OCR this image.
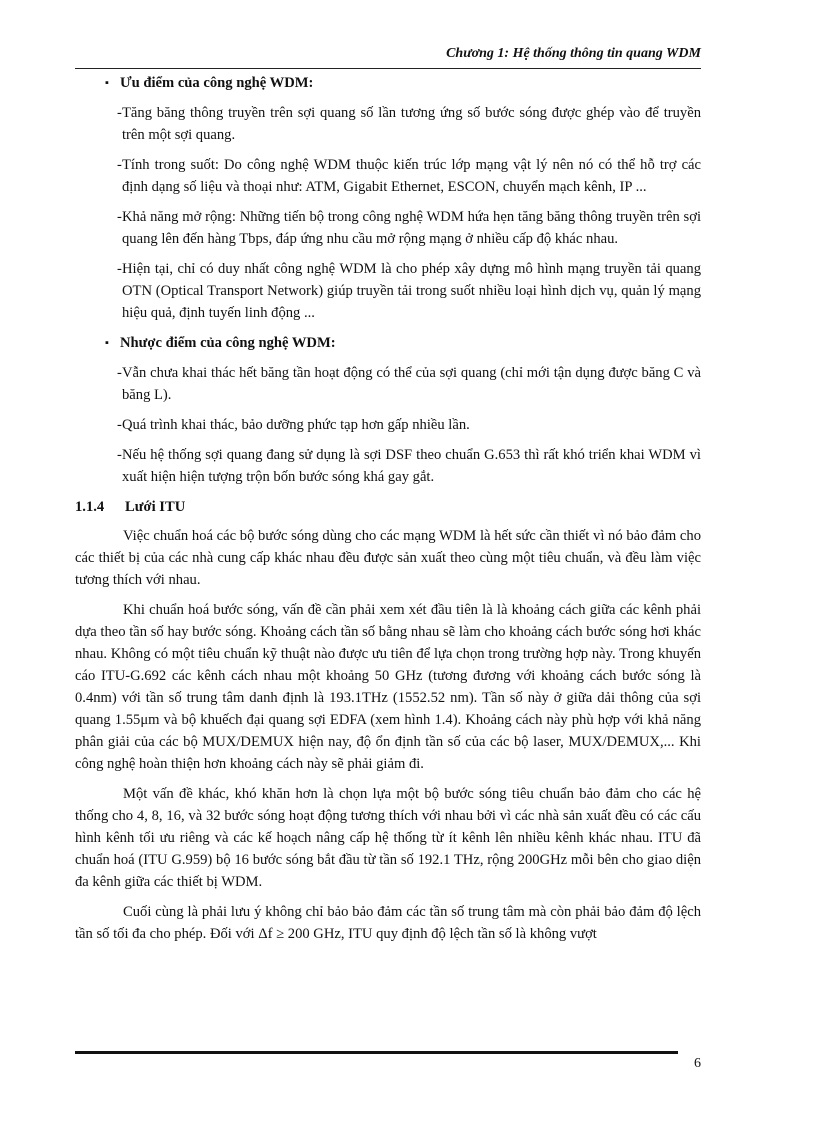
Chương 1: Hệ thống thông tin quang WDM
▪ Ưu điểm của công nghệ WDM:
- Tăng băng thông truyền trên sợi quang số lần tương ứng số bước sóng được ghép vào để truyền trên một sợi quang.
- Tính trong suốt: Do công nghệ WDM thuộc kiến trúc lớp mạng vật lý nên nó có thể hỗ trợ các định dạng số liệu và thoại như: ATM, Gigabit Ethernet, ESCON, chuyển mạch kênh, IP ...
- Khả năng mở rộng: Những tiến bộ trong công nghệ WDM hứa hẹn tăng băng thông truyền trên sợi quang lên đến hàng Tbps, đáp ứng nhu cầu mở rộng mạng ở nhiều cấp độ khác nhau.
- Hiện tại, chỉ có duy nhất công nghệ WDM là cho phép xây dựng mô hình mạng truyền tải quang OTN (Optical Transport Network) giúp truyền tải trong suốt nhiều loại hình dịch vụ, quản lý mạng hiệu quả, định tuyến linh động ...
▪ Nhược điểm của công nghệ WDM:
- Vẫn chưa khai thác hết băng tần hoạt động có thể của sợi quang (chỉ mới tận dụng được băng C và băng L).
- Quá trình khai thác, bảo dưỡng phức tạp hơn gấp nhiều lần.
- Nếu hệ thống sợi quang đang sử dụng là sợi DSF theo chuẩn G.653 thì rất khó triển khai WDM vì xuất hiện hiện tượng trộn bốn bước sóng khá gay gắt.
1.1.4 Lưới ITU

Việc chuẩn hoá các bộ bước sóng dùng cho các mạng WDM là hết sức cần thiết vì nó bảo đảm cho các thiết bị của các nhà cung cấp khác nhau đều được sản xuất theo cùng một tiêu chuẩn, và đều làm việc tương thích với nhau.

Khi chuẩn hoá bước sóng, vấn đề cần phải xem xét đầu tiên là là khoảng cách giữa các kênh phải dựa theo tần số hay bước sóng. Khoảng cách tần số bằng nhau sẽ làm cho khoảng cách bước sóng hơi khác nhau. Không có một tiêu chuẩn kỹ thuật nào được ưu tiên để lựa chọn trong trường hợp này. Trong khuyến cáo ITU-G.692 các kênh cách nhau một khoảng 50 GHz (tương đương với khoảng cách bước sóng là 0.4nm) với tần số trung tâm danh định là 193.1THz (1552.52 nm). Tần số này ở giữa dải thông của sợi quang 1.55μm và bộ khuếch đại quang sợi EDFA (xem hình 1.4). Khoảng cách này phù hợp với khả năng phân giải của các bộ MUX/DEMUX hiện nay, độ ổn định tần số của các bộ laser, MUX/DEMUX,... Khi công nghệ hoàn thiện hơn khoảng cách này sẽ phải giảm đi.

Một vấn đề khác, khó khăn hơn là chọn lựa một bộ bước sóng tiêu chuẩn bảo đảm cho các hệ thống cho 4, 8, 16, và 32 bước sóng hoạt động tương thích với nhau bởi vì các nhà sản xuất đều có các cấu hình kênh tối ưu riêng và các kế hoạch nâng cấp hệ thống từ ít kênh lên nhiều kênh khác nhau. ITU đã chuẩn hoá (ITU G.959) bộ 16 bước sóng bắt đầu từ tần số 192.1 THz, rộng 200GHz mỗi bên cho giao diện đa kênh giữa các thiết bị WDM.

Cuối cùng là phải lưu ý không chỉ bảo bảo đảm các tần số trung tâm mà còn phải bảo đảm độ lệch tần số tối đa cho phép. Đối với Δf ≥ 200 GHz, ITU quy định độ lệch tần số là không vượt

6
